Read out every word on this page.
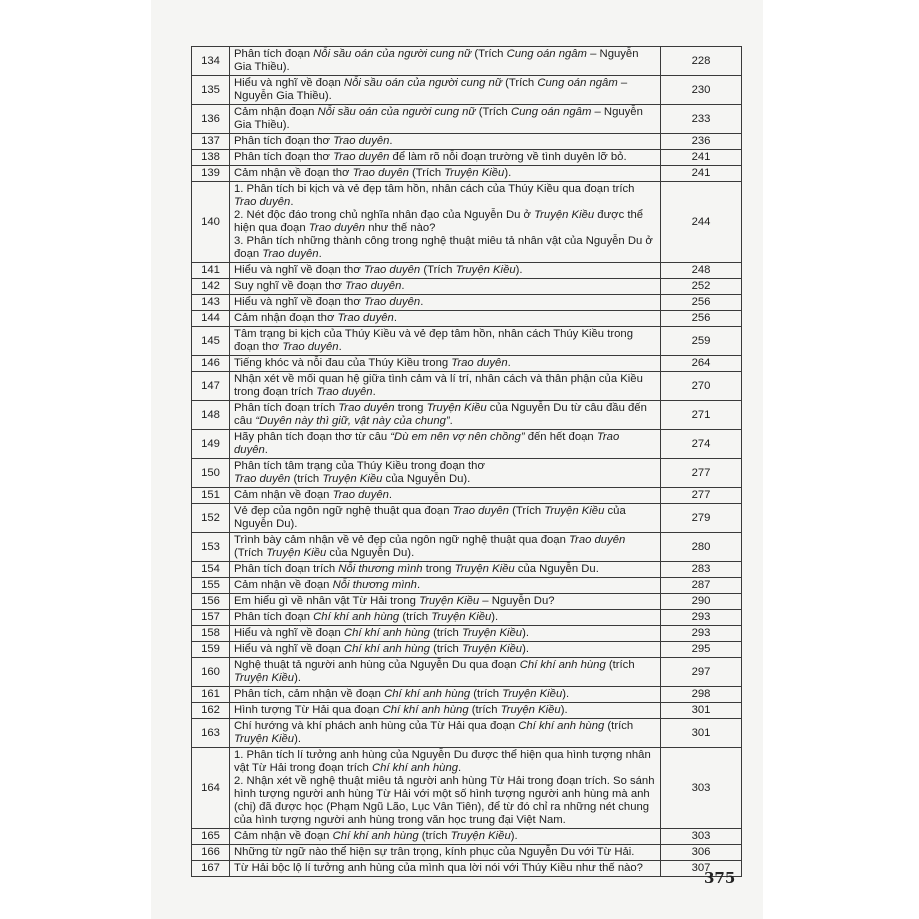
134	Phân tích đoạn Nỗi sầu oán của người cung nữ (Trích Cung oán ngâm – Nguyễn Gia Thiều).	228
135	Hiểu và nghĩ về đoạn Nỗi sầu oán của người cung nữ (Trích Cung oán ngâm – Nguyễn Gia Thiều).	230
136	Cảm nhận đoạn Nỗi sầu oán của người cung nữ (Trích Cung oán ngâm – Nguyễn Gia Thiều).	233
137	Phân tích đoạn thơ Trao duyên.	236
138	Phân tích đoạn thơ Trao duyên để làm rõ nỗi đoạn trường về tình duyên lỡ bỏ.	241
139	Cảm nhận về đoạn thơ Trao duyên (Trích Truyện Kiều).	241
140	1. Phân tích bi kịch và vẻ đẹp tâm hồn, nhân cách của Thúy Kiều qua đoạn trích Trao duyên.
2. Nét độc đáo trong chủ nghĩa nhân đạo của Nguyễn Du ở Truyện Kiều được thể hiện qua đoạn Trao duyên như thế nào?
3. Phân tích những thành công trong nghệ thuật miêu tả nhân vật của Nguyễn Du ở đoạn Trao duyên.	244
141	Hiểu và nghĩ về đoạn thơ Trao duyên (Trích Truyện Kiều).	248
142	Suy nghĩ về đoạn thơ Trao duyên.	252
143	Hiểu và nghĩ về đoạn thơ Trao duyên.	256
144	Cảm nhận đoạn thơ Trao duyên.	256
145	Tâm trạng bi kịch của Thúy Kiều và vẻ đẹp tâm hồn, nhân cách Thúy Kiều trong đoạn thơ Trao duyên.	259
146	Tiếng khóc và nỗi đau của Thúy Kiều trong Trao duyên.	264
147	Nhận xét về mối quan hệ giữa tình cảm và lí trí, nhân cách và thân phận của Kiều trong đoạn trích Trao duyên.	270
148	Phân tích đoạn trích Trao duyên trong Truyện Kiều của Nguyễn Du từ câu đầu đến câu “Duyên này thì giữ, vật này của chung”.	271
149	Hãy phân tích đoạn thơ từ câu “Dù em nên vợ nên chồng” đến hết đoạn Trao duyên.	274
150	Phân tích tâm trạng của Thúy Kiều trong đoạn thơ
Trao duyên (trích Truyện Kiều của Nguyễn Du).	277
151	Cảm nhận về đoạn Trao duyên.	277
152	Vẻ đẹp của ngôn ngữ nghệ thuật qua đoạn Trao duyên (Trích Truyện Kiều của Nguyễn Du).	279
153	Trình bày cảm nhận về vẻ đẹp của ngôn ngữ nghệ thuật qua đoạn Trao duyên (Trích Truyện Kiều của Nguyễn Du).	280
154	Phân tích đoạn trích Nỗi thương mình trong Truyện Kiều của Nguyễn Du.	283
155	Cảm nhận về đoạn Nỗi thương mình.	287
156	Em hiểu gì về nhân vật Từ Hải trong Truyện Kiều – Nguyễn Du?	290
157	Phân tích đoạn Chí khí anh hùng (trích Truyện Kiều).	293
158	Hiểu và nghĩ về đoạn Chí khí anh hùng (trích Truyện Kiều).	293
159	Hiểu và nghĩ về đoạn Chí khí anh hùng (trích Truyện Kiều).	295
160	Nghệ thuật tả người anh hùng của Nguyễn Du qua đoạn Chí khí anh hùng (trích Truyện Kiều).	297
161	Phân tích, cảm nhận về đoạn Chí khí anh hùng (trích Truyện Kiều).	298
162	Hình tượng Từ Hải qua đoạn Chí khí anh hùng (trích Truyện Kiều).	301
163	Chí hướng và khí phách anh hùng của Từ Hải qua đoạn Chí khí anh hùng (trích Truyện Kiều).	301
164	1. Phân tích lí tưởng anh hùng của Nguyễn Du được thể hiện qua hình tượng nhân vật Từ Hải trong đoạn trích Chí khí anh hùng.
2. Nhận xét về nghệ thuật miêu tả người anh hùng Từ Hải trong đoạn trích. So sánh hình tượng người anh hùng Từ Hải với một số hình tượng người anh hùng mà anh (chị) đã được học (Phạm Ngũ Lão, Lục Vân Tiên), để từ đó chỉ ra những nét chung của hình tượng người anh hùng trong văn học trung đại Việt Nam.	303
165	Cảm nhận về đoạn Chí khí anh hùng (trích Truyện Kiều).	303
166	Những từ ngữ nào thể hiện sự trân trọng, kính phục của Nguyễn Du với Từ Hải.	306
167	Từ Hải bộc lộ lí tưởng anh hùng của mình qua lời nói với Thúy Kiều như thế nào?	307
375
